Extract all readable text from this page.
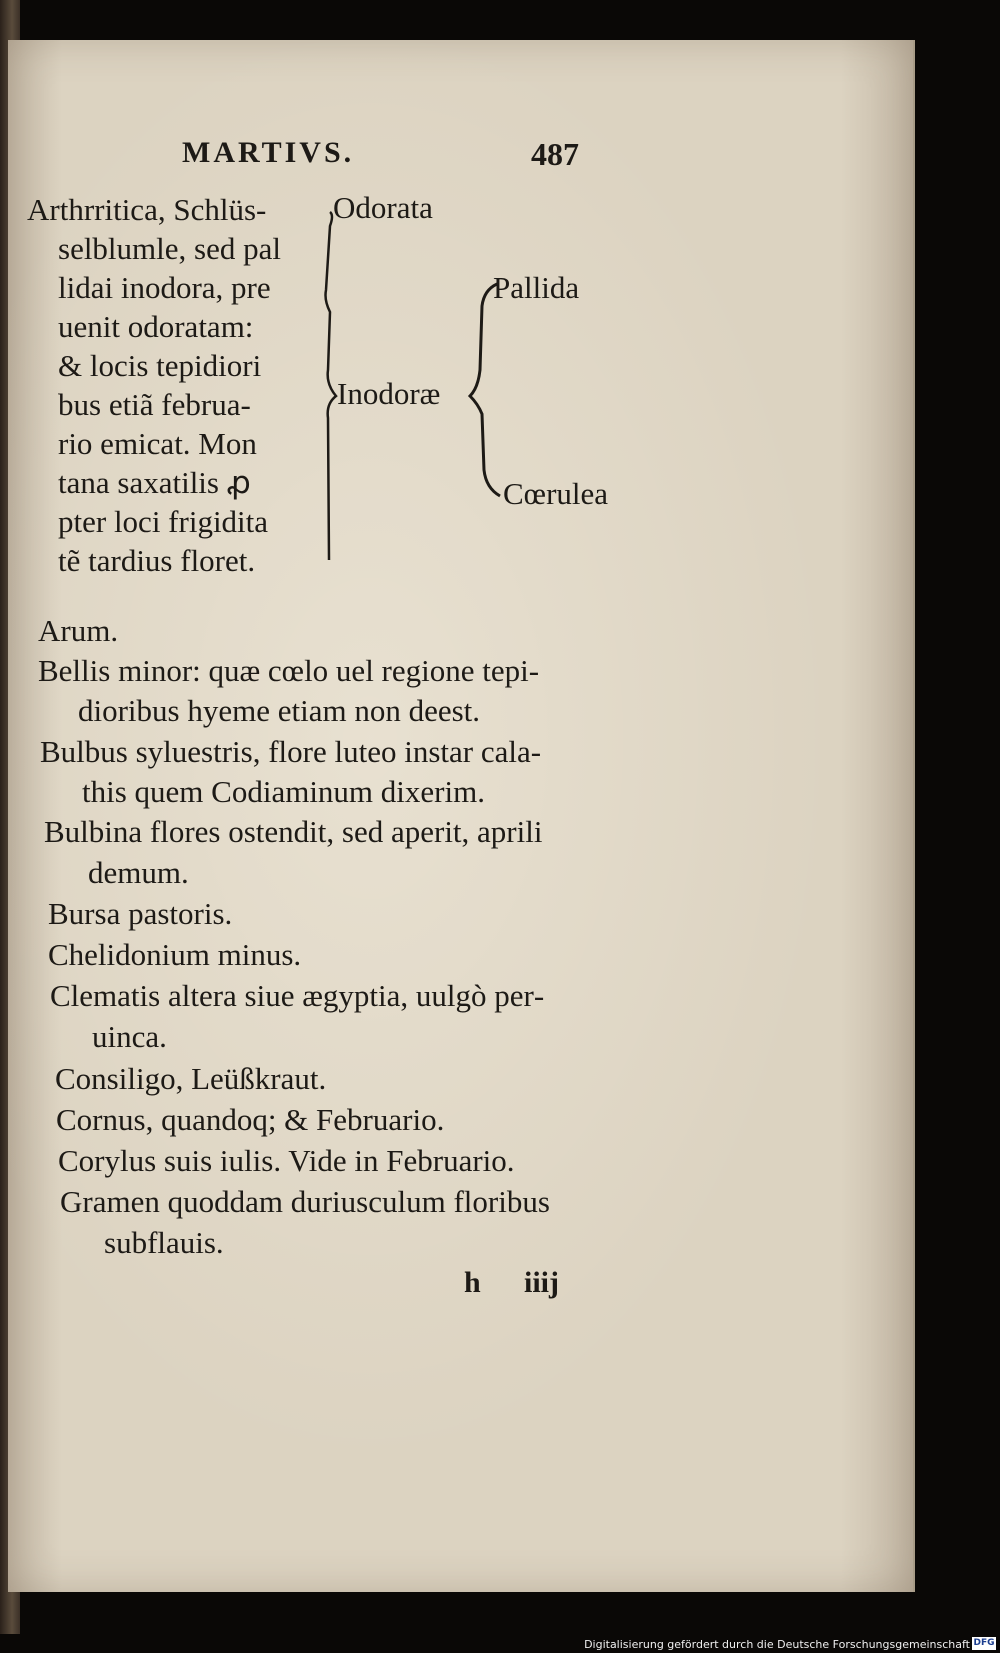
MARTIVS.	487
Arthrritica, Schlüs‑
selblumle, sed pal
lidai inodora, pre
uenit odoratam:
& locis tepidiori
bus etiã februa‑
rio emicat. Mon
tana saxatilis ꝓ
pter loci frigidita
tẽ tardius floret.
Odorata
Inodoræ
Pallida
Cœrulea
Arum.
Bellis minor: quæ cœlo uel regione tepi‑
dioribus hyeme etiam non deest.
Bulbus syluestris, flore luteo instar cala‑
this quem Codiaminum dixerim.
Bulbina flores ostendit, sed aperit, aprili
demum.
Bursa pastoris.
Chelidonium minus.
Clematis altera siue ægyptia, uulgò per‑
uinca.
Consiligo, Leüßkraut.
Cornus, quandoq; & Februario.
Corylus suis iulis. Vide in Februario.
Gramen quoddam duriusculum floribus
subflauis.
h iiij
Digitalisierung gefördert durch die Deutsche Forschungsgemeinschaft DFG
